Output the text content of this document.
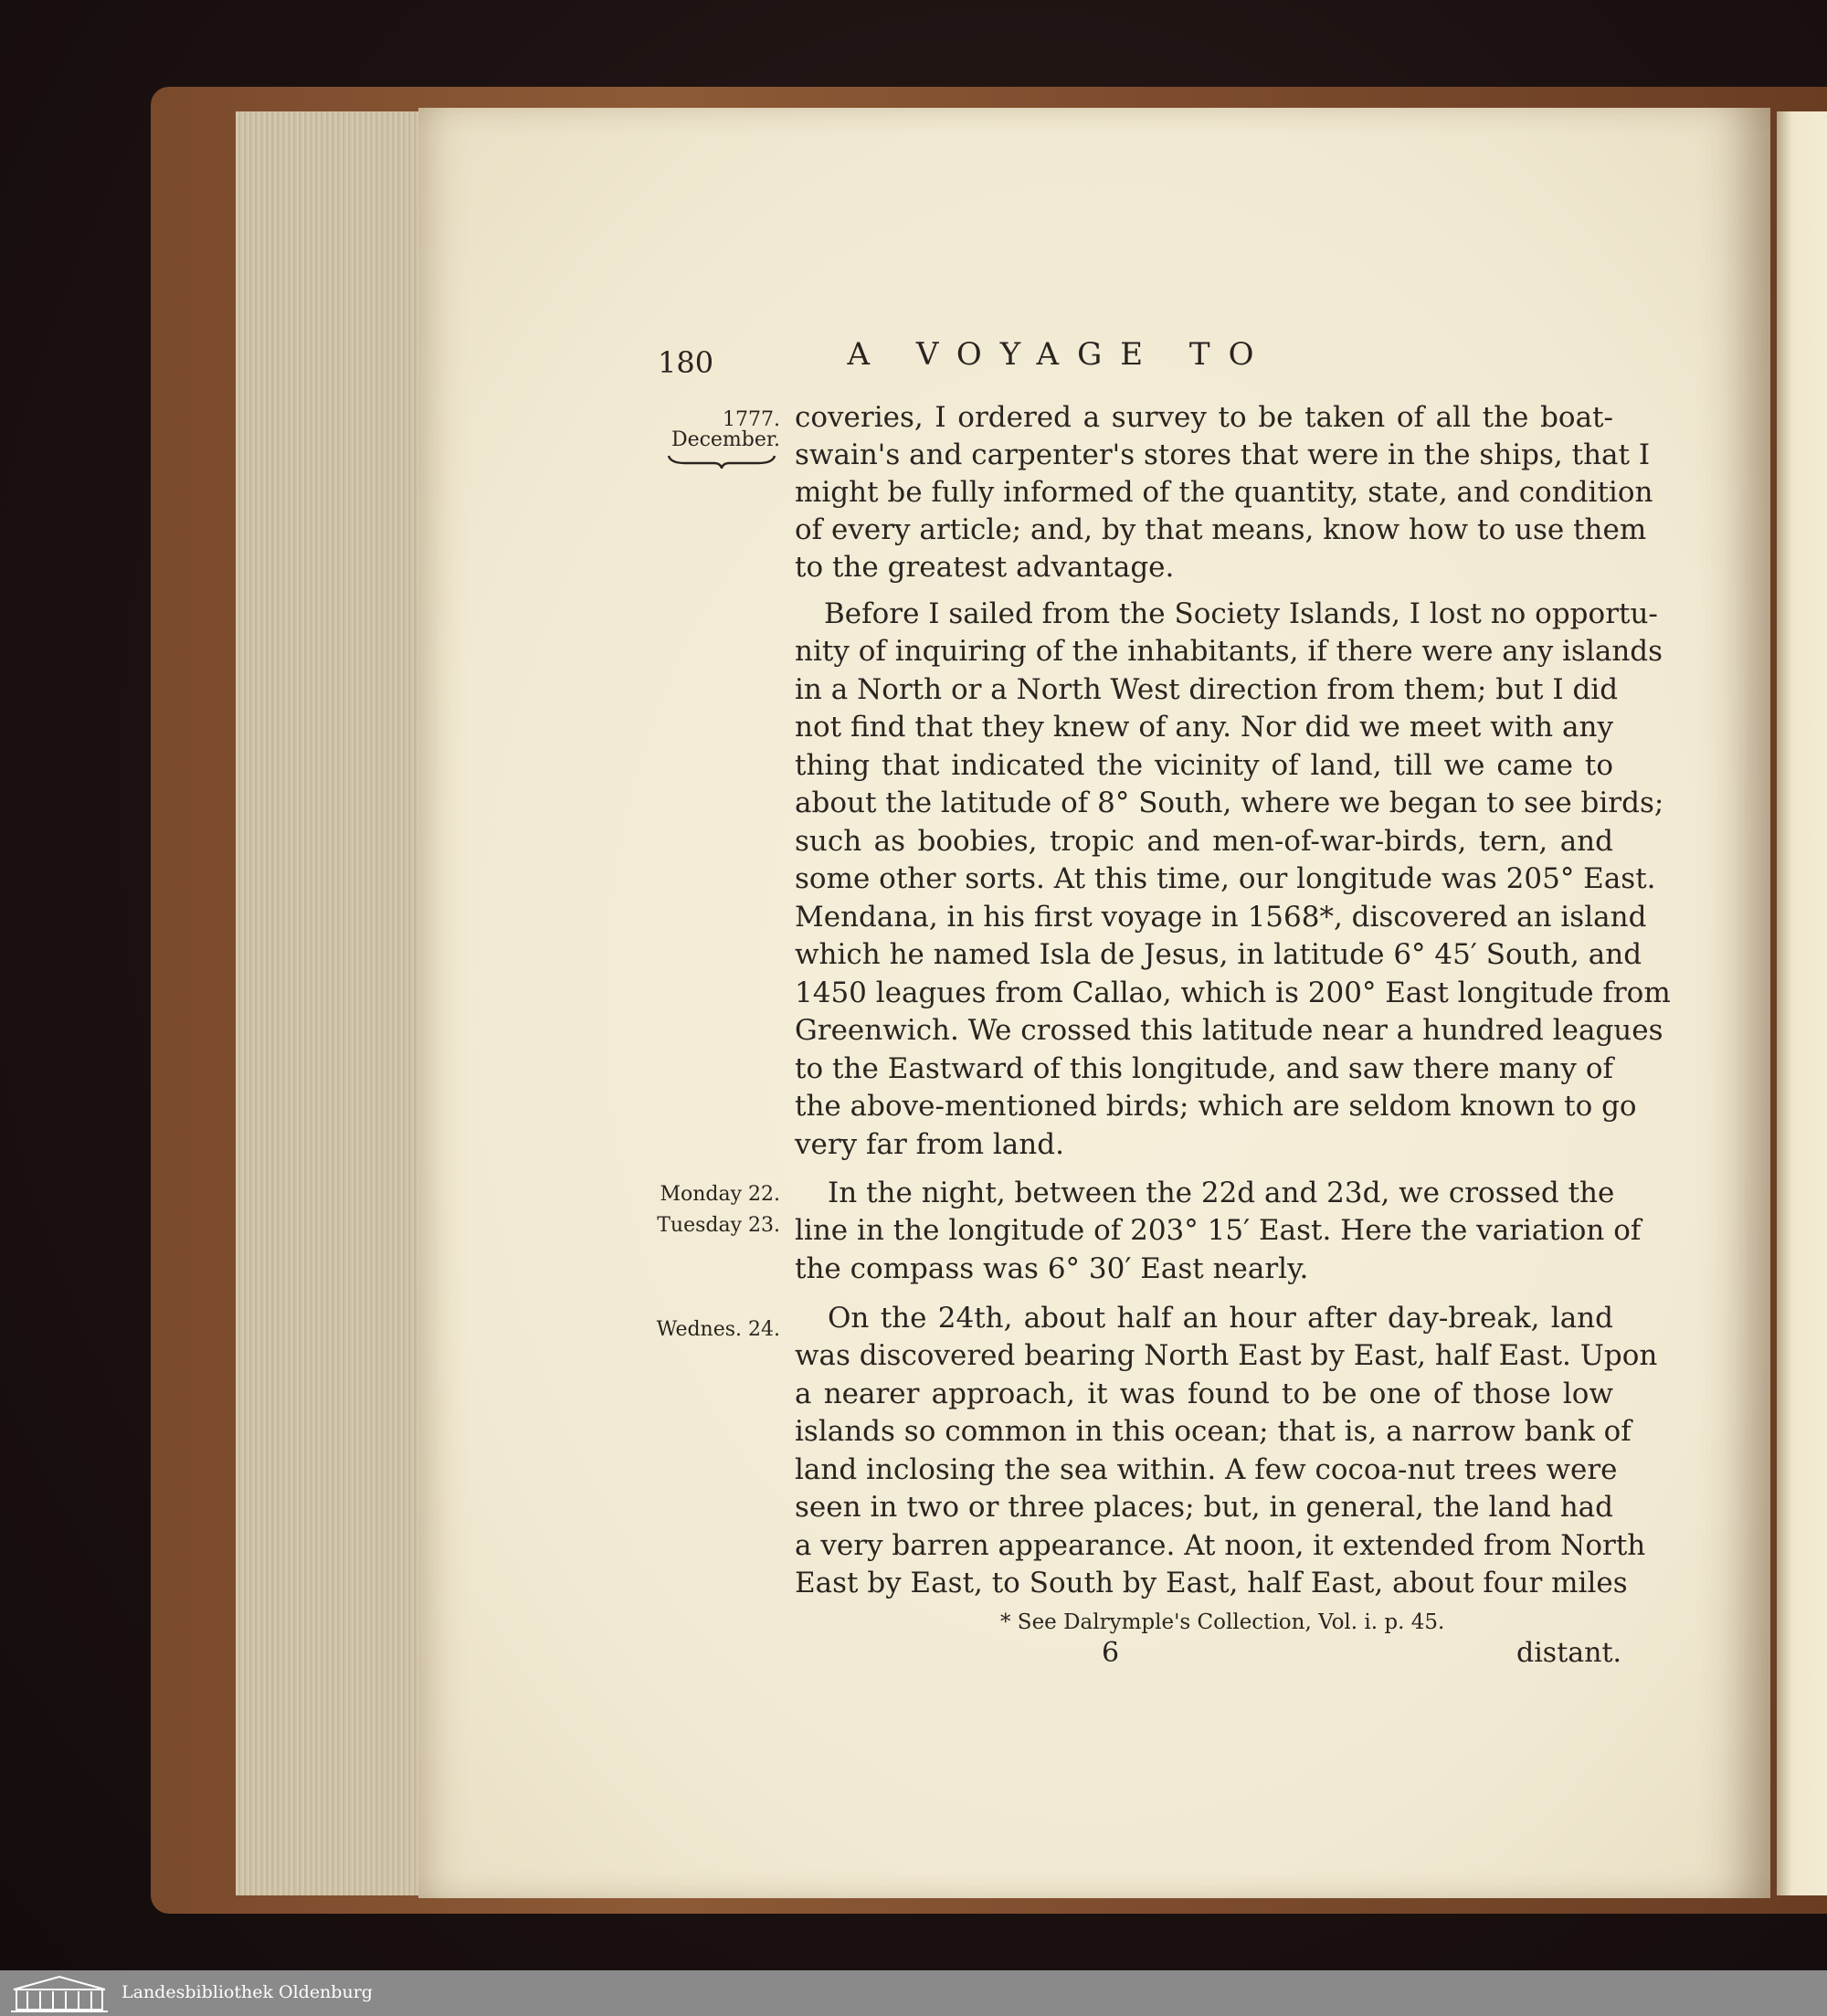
180	A VOYAGE TO
1777.
December.
Monday 22.
Tuesday 23.
Wednes. 24.
coveries, I ordered a survey to be taken of all the boat-
swain's and carpenter's stores that were in the ships, that I
might be fully informed of the quantity, state, and condition
of every article; and, by that means, know how to use them
to the greatest advantage.
Before I sailed from the Society Islands, I lost no opportu-
nity of inquiring of the inhabitants, if there were any islands
in a North or a North West direction from them; but I did
not find that they knew of any. Nor did we meet with any
thing that indicated the vicinity of land, till we came to
about the latitude of 8° South, where we began to see birds;
such as boobies, tropic and men-of-war-birds, tern, and
some other sorts. At this time, our longitude was 205° East.
Mendana, in his first voyage in 1568*, discovered an island
which he named Isla de Jesus, in latitude 6° 45′ South, and
1450 leagues from Callao, which is 200° East longitude from
Greenwich. We crossed this latitude near a hundred leagues
to the Eastward of this longitude, and saw there many of
the above-mentioned birds; which are seldom known to go
very far from land.
In the night, between the 22d and 23d, we crossed the
line in the longitude of 203° 15′ East. Here the variation of
the compass was 6° 30′ East nearly.
On the 24th, about half an hour after day-break, land
was discovered bearing North East by East, half East. Upon
a nearer approach, it was found to be one of those low
islands so common in this ocean; that is, a narrow bank of
land inclosing the sea within. A few cocoa-nut trees were
seen in two or three places; but, in general, the land had
a very barren appearance. At noon, it extended from North
East by East, to South by East, half East, about four miles
* See Dalrymple's Collection, Vol. i. p. 45.
6	distant.
Landesbibliothek Oldenburg
